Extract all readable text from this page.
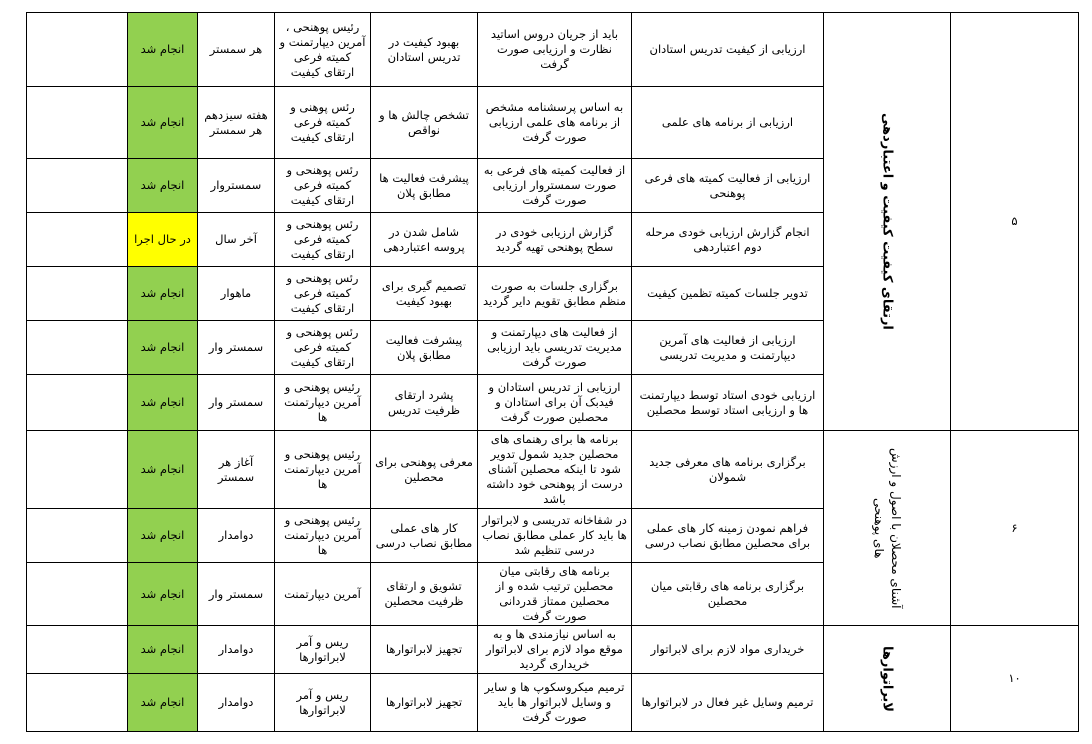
۵	ارتقای کیفیت کیفیت و اعتباردهی	ارزیابی از کیفیت تدریس استادان	باید از جریان دروس اساتید نظارت و ارزیابی صورت گرفت	بهبود کیفیت در تدریس استادان	رئیس پوهنحی ، آمرین دیپارتمنت و کمیته فرعی ارتقای کیفیت	هر سمستر	انجام شد	
		ارزیابی از برنامه های علمی	به اساس پرسشنامه مشخص از برنامه های علمی ارزیابی صورت گرفت	تشخص چالش ها و نواقص	رئس پوهنی و کمیته فرعی ارتقای کیفیت	هفته سیزدهم هر سمستر	انجام شد	
		ارزیابی از فعالیت کمیته های فرعی پوهنحی	از فعالیت کمیته های فرعی به صورت سمستروار ارزیابی صورت گرفت	پیشرفت فعالیت ها مطابق پلان	رئس پوهنحی و کمیته فرعی ارتقای کیفیت	سمستروار	انجام شد	
		انجام گزارش ارزیابی خودی مرحله دوم اعتباردهی	گزارش ارزیابی خودی در سطح پوهنحی تهیه گردید	شامل شدن در پروسه اعتباردهی	رئس پوهنحی و کمیته فرعی ارتقای کیفیت	آخر سال	در حال اجرا	
		تدویر جلسات کمیته تظمین کیفیت	برگزاری جلسات به صورت منظم مطابق تقویم دایر گردید	تصمیم گیری برای بهبود کیفیت	رئس پوهنحی و کمیته فرعی ارتقای کیفیت	ماهوار	انجام شد	
		ارزیابی از فعالیت های آمرین دیپارتمنت و مدیریت تدریسی	از فعالیت های دیپارتمنت و مدیریت تدریسی باید ارزیابی صورت گرفت	پیشرفت فعالیت مطابق پلان	رئس پوهنحی و کمیته فرعی ارتقای کیفیت	سمستر وار	انجام شد	
		ارزیابی خودی استاد توسط دیپارتمنت ها و ارزیابی استاد توسط محصلین	ارزیابی از تدریس استادان و فیدبک آن برای استادان و محصلین صورت گرفت	پشرد ارتقای ظرفیت تدریس	رئیس پوهنحی و آمرین دیپارتمنت ها	سمستر وار	انجام شد	
۶	آشنای محصلان با اصول و ارزش های پوهنحی	برگزاری برنامه های معرفی جدید شمولان	برنامه ها برای رهنمای های محصلین جدید شمول تدویر شود تا اینکه محصلین آشنای درست از پوهنحی خود داشته باشد	معرفی پوهنحی برای محصلین	رئیس پوهنحی و آمرین دیپارتمنت ها	آغاز هر سمستر	انجام شد	
		فراهم نمودن زمینه کار های عملی برای محصلین مطابق نصاب درسی	در شفاخانه تدریسی و لابراتوار ها باید کار عملی مطابق نصاب درسی تنظیم شد	کار های عملی مطابق نصاب درسی	رئیس پوهنحی و آمرین دیپارتمنت ها	دوامدار	انجام شد	
		برگزاری برنامه های رقابتی میان محصلین	برنامه های رقابتی میان محصلین ترتیب شده و از محصلین ممتاز قدردانی صورت گرفت	تشویق و ارتقای ظرفیت محصلین	آمرین دیپارتمنت	سمستر وار	انجام شد	
۱۰	لابراتوارها	خریداری مواد لازم برای لابراتوار	به اساس نیازمندی ها و به موقع مواد لازم برای لابراتوار خریداری گردید	تجهیز لابراتوارها	ریس و آمر لابراتوارها	دوامدار	انجام شد	
		ترمیم وسایل غیر فعال در لابراتوارها	ترمیم میکروسکوپ ها و سایر و وسایل لابراتوار ها باید صورت گرفت	تجهیز لابراتوارها	ریس و آمر لابراتوارها	دوامدار	انجام شد	
